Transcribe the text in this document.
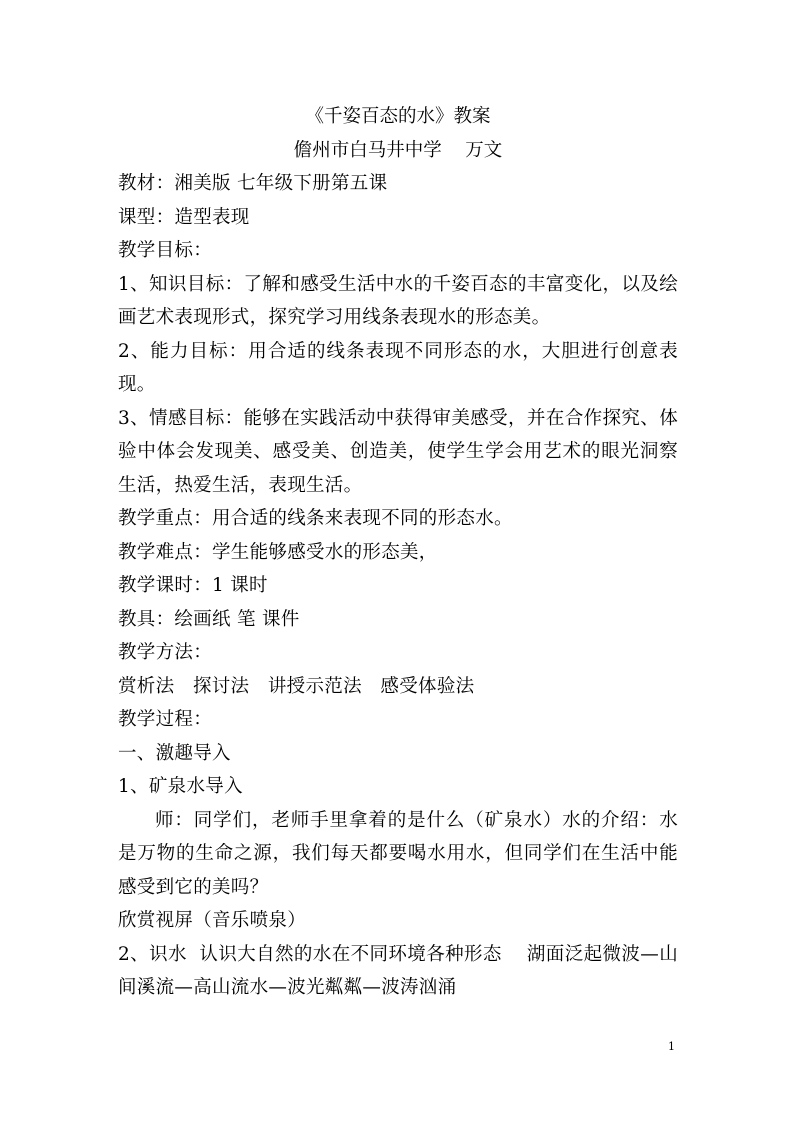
《千姿百态的水》教案

儋州市白马井中学    万文

教材：湘美版 七年级下册第五课

课型：造型表现

教学目标：

1、知识目标：了解和感受生活中水的千姿百态的丰富变化，以及绘画艺术表现形式，探究学习用线条表现水的形态美。

2、能力目标：用合适的线条表现不同形态的水，大胆进行创意表现。

3、情感目标：能够在实践活动中获得审美感受，并在合作探究、体验中体会发现美、感受美、创造美，使学生学会用艺术的眼光洞察生活，热爱生活，表现生活。

教学重点：用合适的线条来表现不同的形态水。

教学难点：学生能够感受水的形态美，

教学课时：1 课时

教具：绘画纸 笔 课件

教学方法：

赏析法   探讨法   讲授示范法   感受体验法

教学过程：

一、激趣导入

1、矿泉水导入

师：同学们，老师手里拿着的是什么（矿泉水）水的介绍：水是万物的生命之源，我们每天都要喝水用水，但同学们在生活中能感受到它的美吗？

欣赏视屏（音乐喷泉）

2、识水  认识大自然的水在不同环境各种形态    湖面泛起微波—山间溪流—高山流水—波光粼粼—波涛汹涌

1
